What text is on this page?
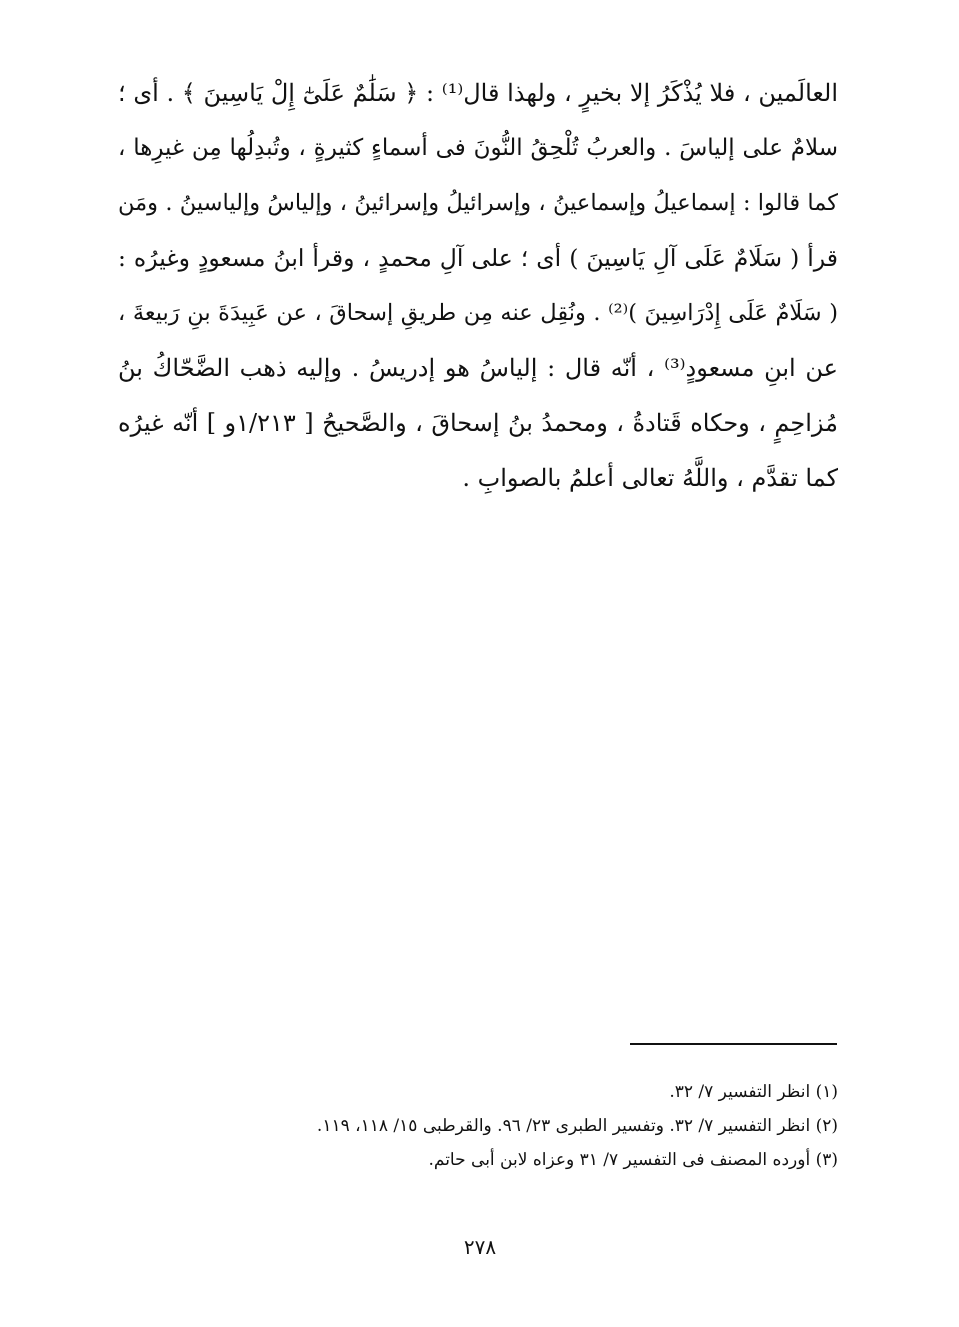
العالَمين ، فلا يُذْكَرُ إلا بخيرٍ ، ولهذا قال⁽¹⁾ : ﴿ سَلَٰمٌ عَلَىٰٓ إِلْ يَاسِينَ ﴾ . أى ؛
سلامٌ على إلياسَ . والعربُ تُلْحِقُ النُّونَ فى أسماءٍ كثيرةٍ ، وتُبدِلُها مِن غيرِها ،
كما قالوا : إسماعيلُ وإسماعينُ ، وإسرائيلُ وإسرائينُ ، وإلياسُ وإلياسينُ . ومَن
قرأ ( سَلَامٌ عَلَى آلِ يَاسِينَ ) أى ؛ على آلِ محمدٍ ، وقرأ ابنُ مسعودٍ وغيرُه :
( سَلَامٌ عَلَى إِدْرَاسِينَ )⁽²⁾ . ونُقِل عنه مِن طريقِ إسحاقَ ، عن عَبِيدَةَ بنِ رَبيعةَ ،
عن ابنِ مسعودٍ⁽³⁾ ، أنّه قال : إلياسُ هو إدريسُ . وإليه ذهب الضَّحّاكُ بنُ
مُزاحِمٍ ، وحكاه قَتادةُ ، ومحمدُ بنُ إسحاقَ ، والصَّحيحُ [ ١/٢١٣و ] أنّه غيرُه
كما تقدَّم ، واللَّهُ تعالى أعلمُ بالصوابِ .
(١) انظر التفسير ٧/ ٣٢.
(٢) انظر التفسير ٧/ ٣٢. وتفسير الطبرى ٢٣/ ٩٦. والقرطبى ١٥/ ١١٨، ١١٩.
(٣) أورده المصنف فى التفسير ٧/ ٣١ وعزاه لابن أبى حاتم.
٢٧٨
